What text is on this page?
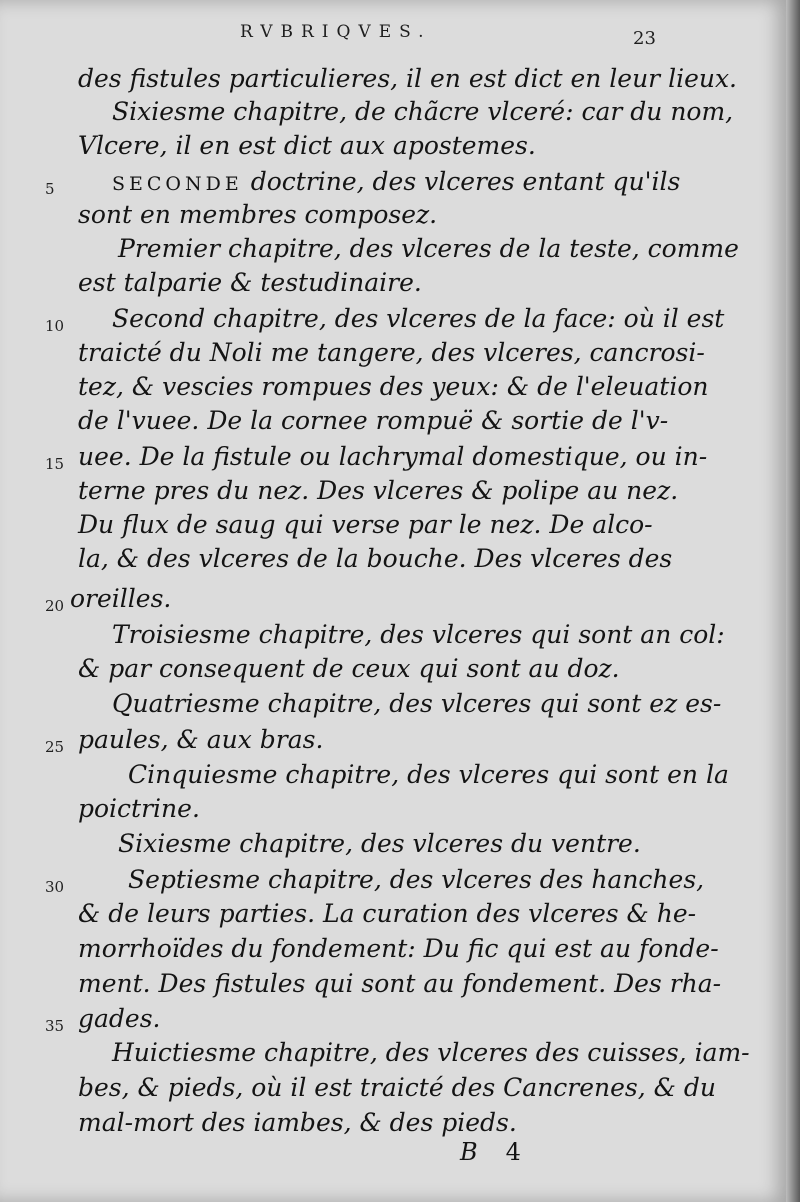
RVBRIQVES.	23
des fistules particulieres, il en est dict en leur lieux.
Sixiesme chapitre, de chãcre vlceré: car du nom,
Vlcere, il en est dict aux apostemes.
5	SECONDE doctrine, des vlceres entant qu'ils
sont en membres composez.
Premier chapitre, des vlceres de la teste, comme
est talparie & testudinaire.
10 Second chapitre, des vlceres de la face: où il est
traicté du Noli me tangere, des vlceres, cancrosi-
tez, & vescies rompues des yeux: & de l'eleuation
de l'vuee. De la cornee rompuë & sortie de l'v-
15 uee. De la fistule ou lachrymal domestique, ou in-
terne pres du nez. Des vlceres & polipe au nez.
Du flux de saug qui verse par le nez. De alco-
la, & des vlceres de la bouche. Des vlceres des
20 oreilles.
Troisiesme chapitre, des vlceres qui sont an col:
& par consequent de ceux qui sont au doz.
Quatriesme chapitre, des vlceres qui sont ez es-
25 paules, & aux bras.
Cinquiesme chapitre, des vlceres qui sont en la
poictrine.
Sixiesme chapitre, des vlceres du ventre.
30	Septiesme chapitre, des vlceres des hanches,
& de leurs parties. La curation des vlceres & he-
morrhoïdes du fondement: Du fic qui est au fonde-
ment. Des fistules qui sont au fondement. Des rha-
35 gades.
Huictiesme chapitre, des vlceres des cuisses, iam-
bes, & pieds, où il est traicté des Cancrenes, & du
mal-mort des iambes, & des pieds.
B 4
